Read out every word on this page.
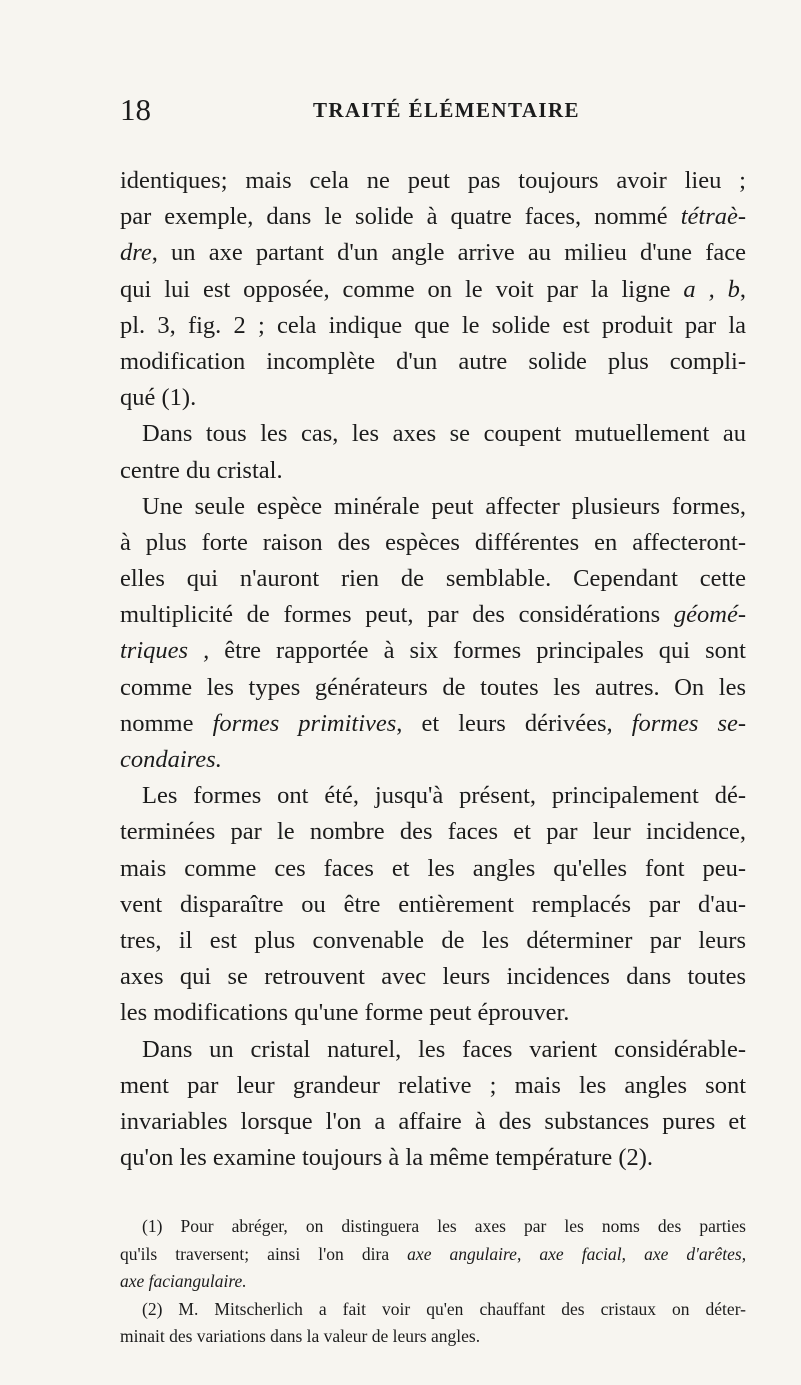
18	TRAITÉ ÉLÉMENTAIRE
identiques; mais cela ne peut pas toujours avoir lieu ;
par exemple, dans le solide à quatre faces, nommé tétraè-
dre, un axe partant d'un angle arrive au milieu d'une face
qui lui est opposée, comme on le voit par la ligne a , b,
pl. 3, fig. 2 ; cela indique que le solide est produit par la
modification incomplète d'un autre solide plus compli-
qué (1).
Dans tous les cas, les axes se coupent mutuellement au
centre du cristal.
Une seule espèce minérale peut affecter plusieurs formes,
à plus forte raison des espèces différentes en affecteront-
elles qui n'auront rien de semblable. Cependant cette
multiplicité de formes peut, par des considérations géomé-
triques , être rapportée à six formes principales qui sont
comme les types générateurs de toutes les autres. On les
nomme formes primitives, et leurs dérivées, formes se-
condaires.
Les formes ont été, jusqu'à présent, principalement dé-
terminées par le nombre des faces et par leur incidence,
mais comme ces faces et les angles qu'elles font peu-
vent disparaître ou être entièrement remplacés par d'au-
tres, il est plus convenable de les déterminer par leurs
axes qui se retrouvent avec leurs incidences dans toutes
les modifications qu'une forme peut éprouver.
Dans un cristal naturel, les faces varient considérable-
ment par leur grandeur relative ; mais les angles sont
invariables lorsque l'on a affaire à des substances pures et
qu'on les examine toujours à la même température (2).
(1) Pour abréger, on distinguera les axes par les noms des parties
qu'ils traversent; ainsi l'on dira axe angulaire, axe facial, axe d'arêtes,
axe faciangulaire.
(2) M. Mitscherlich a fait voir qu'en chauffant des cristaux on déter-
minait des variations dans la valeur de leurs angles.
